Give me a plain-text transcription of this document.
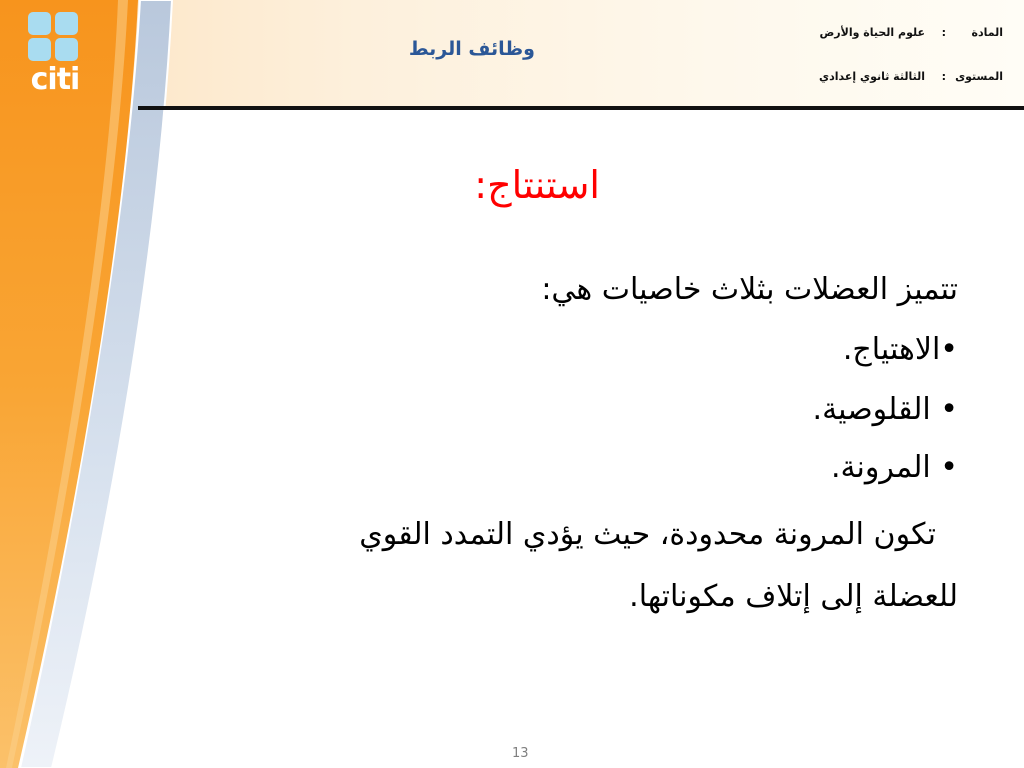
citi
وظائف الربط
المادة
:
علوم الحياة والأرض
المستوى
:
الثالثة ثانوي إعدادي
استنتاج:
تتميز العضلات بثلاث خاصيات هي:
•الاهتياج.
• القلوصية.
• المرونة.
تكون المرونة محدودة، حيث يؤدي التمدد القوي
للعضلة إلى إتلاف مكوناتها.
13
